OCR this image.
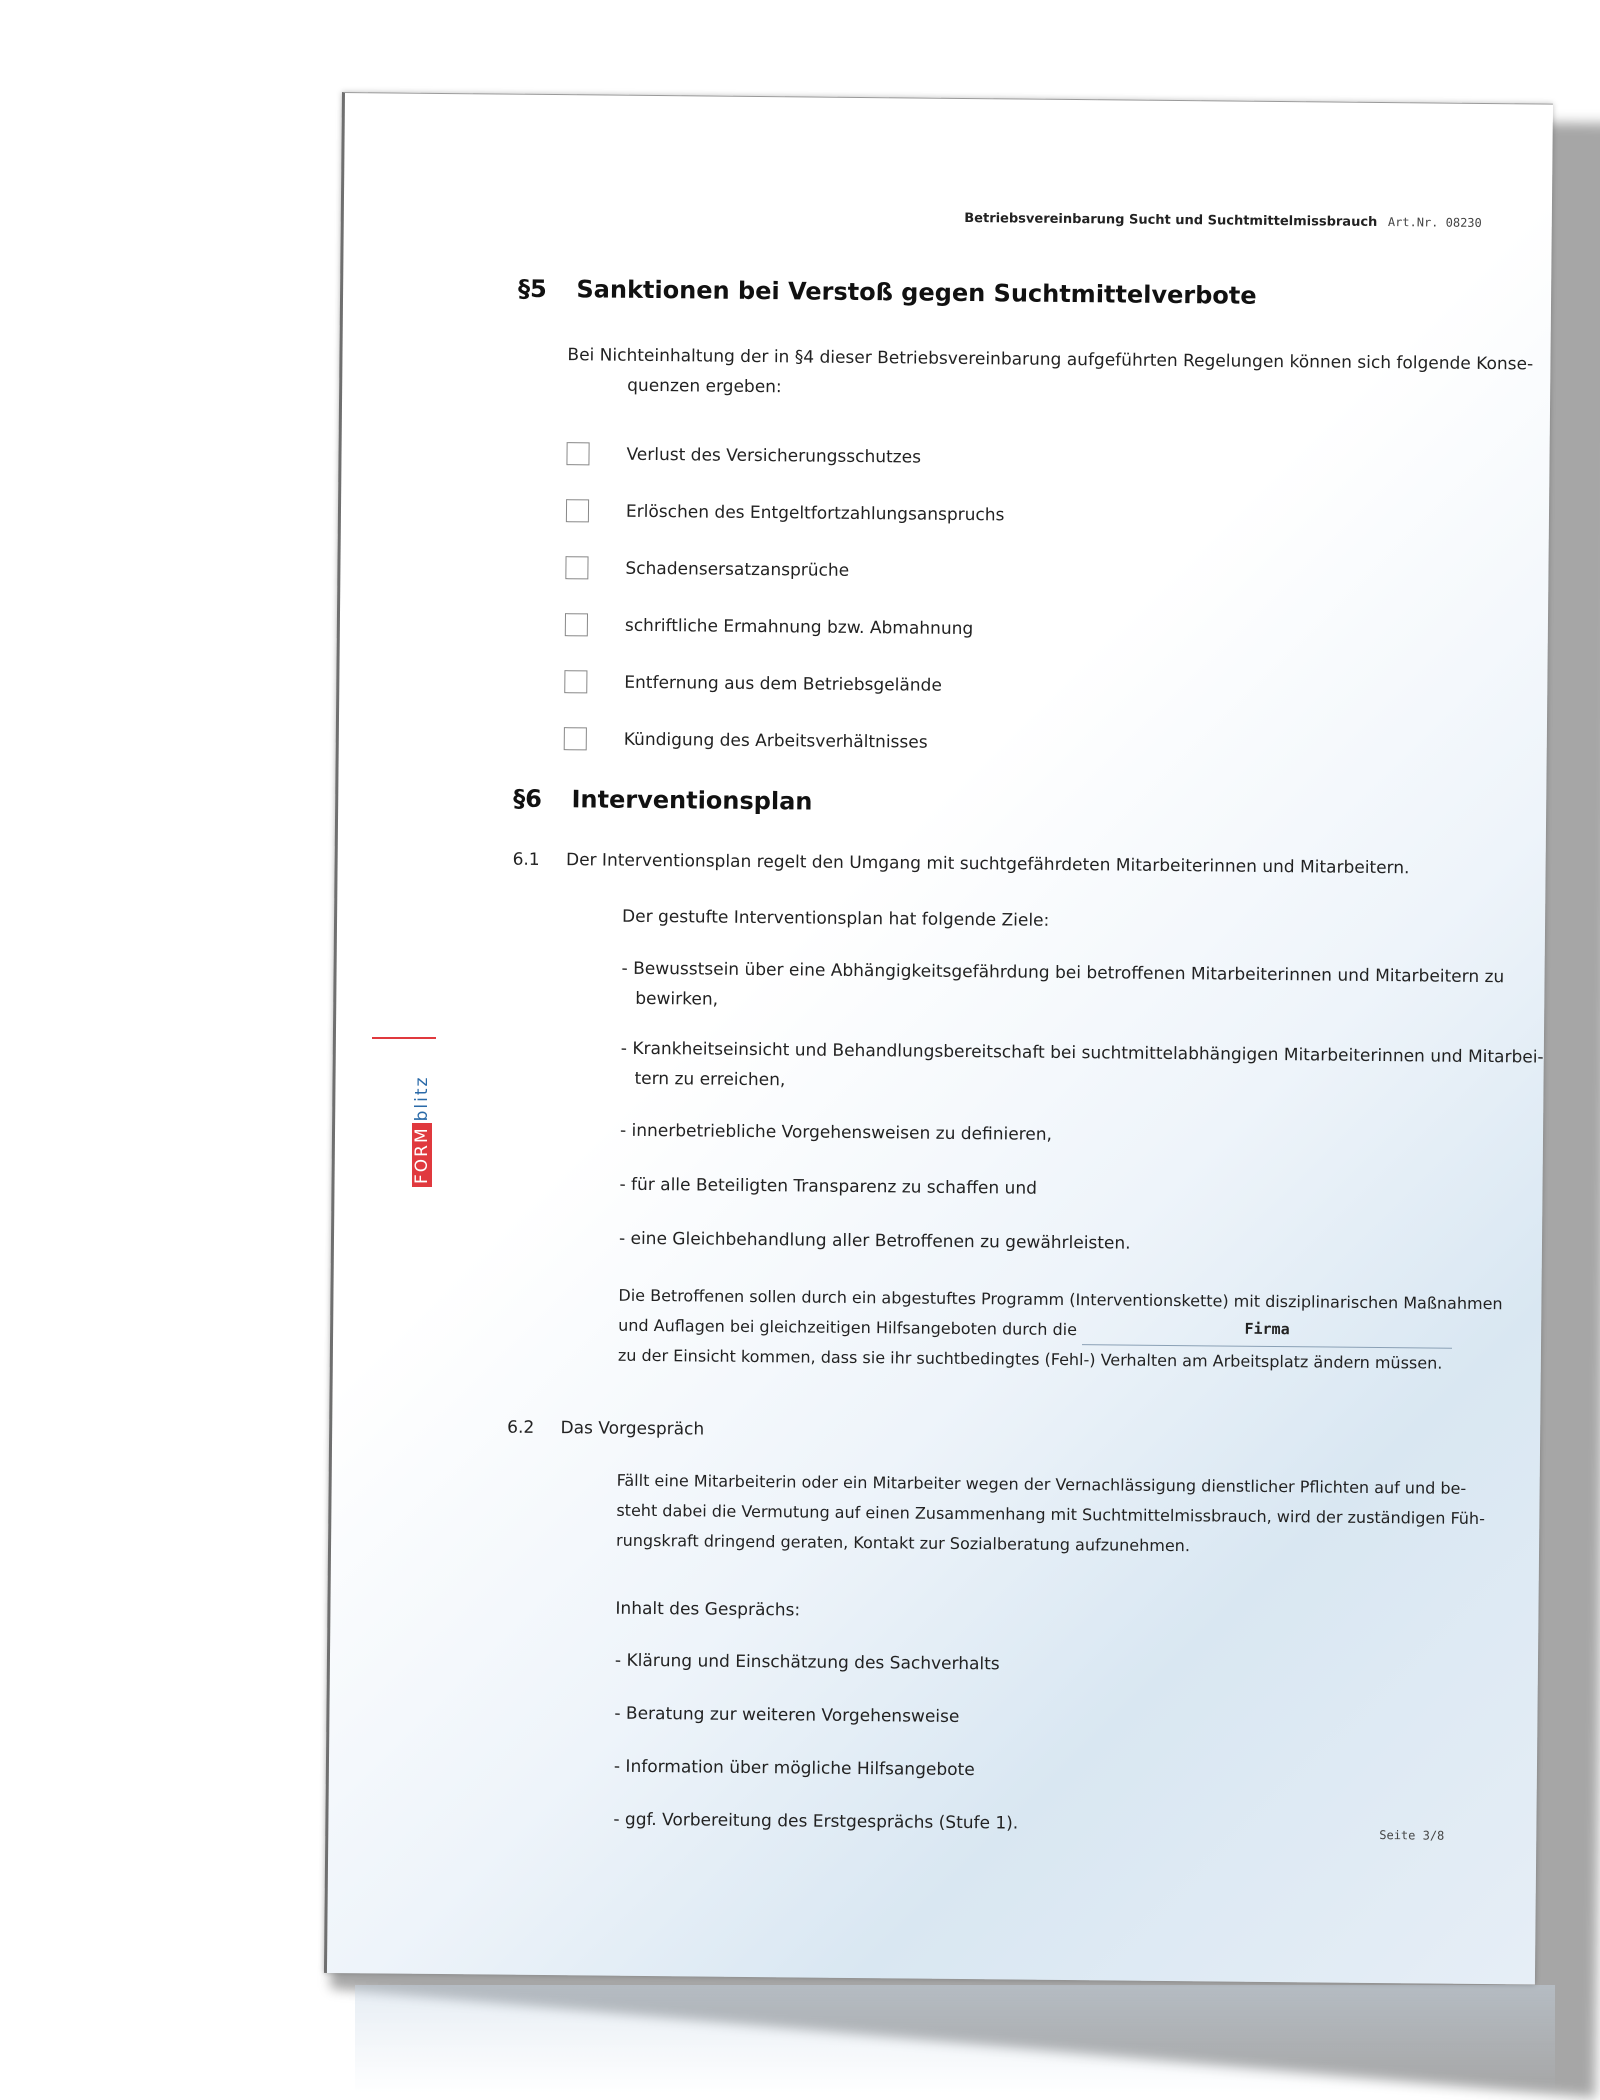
Betriebsvereinbarung Sucht und Suchtmittelmissbrauch Art.Nr. 08230
§5 Sanktionen bei Verstoß gegen Suchtmittelverbote
Bei Nichteinhaltung der in §4 dieser Betriebsvereinbarung aufgeführten Regelungen können sich folgende Konse-
quenzen ergeben:
Verlust des Versicherungsschutzes
Erlöschen des Entgeltfortzahlungsanspruchs
Schadensersatzansprüche
schriftliche Ermahnung bzw. Abmahnung
Entfernung aus dem Betriebsgelände
Kündigung des Arbeitsverhältnisses
§6 Interventionsplan
6.1 Der Interventionsplan regelt den Umgang mit suchtgefährdeten Mitarbeiterinnen und Mitarbeitern.
Der gestufte Interventionsplan hat folgende Ziele:
- Bewusstsein über eine Abhängigkeitsgefährdung bei betroffenen Mitarbeiterinnen und Mitarbeitern zu
bewirken,
- Krankheitseinsicht und Behandlungsbereitschaft bei suchtmittelabhängigen Mitarbeiterinnen und Mitarbei-
tern zu erreichen,
- innerbetriebliche Vorgehensweisen zu definieren,
- für alle Beteiligten Transparenz zu schaffen und
- eine Gleichbehandlung aller Betroffenen zu gewährleisten.
Die Betroffenen sollen durch ein abgestuftes Programm (Interventionskette) mit disziplinarischen Maßnahmen
und Auflagen bei gleichzeitigen Hilfsangeboten durch die	Firma
zu der Einsicht kommen, dass sie ihr suchtbedingtes (Fehl-) Verhalten am Arbeitsplatz ändern müssen.
6.2 Das Vorgespräch
Fällt eine Mitarbeiterin oder ein Mitarbeiter wegen der Vernachlässigung dienstlicher Pflichten auf und be-
steht dabei die Vermutung auf einen Zusammenhang mit Suchtmittelmissbrauch, wird der zuständigen Füh-
rungskraft dringend geraten, Kontakt zur Sozialberatung aufzunehmen.
Inhalt des Gesprächs:
- Klärung und Einschätzung des Sachverhalts
- Beratung zur weiteren Vorgehensweise
- Information über mögliche Hilfsangebote
- ggf. Vorbereitung des Erstgesprächs (Stufe 1).
Seite 3/8
FORMblitz
